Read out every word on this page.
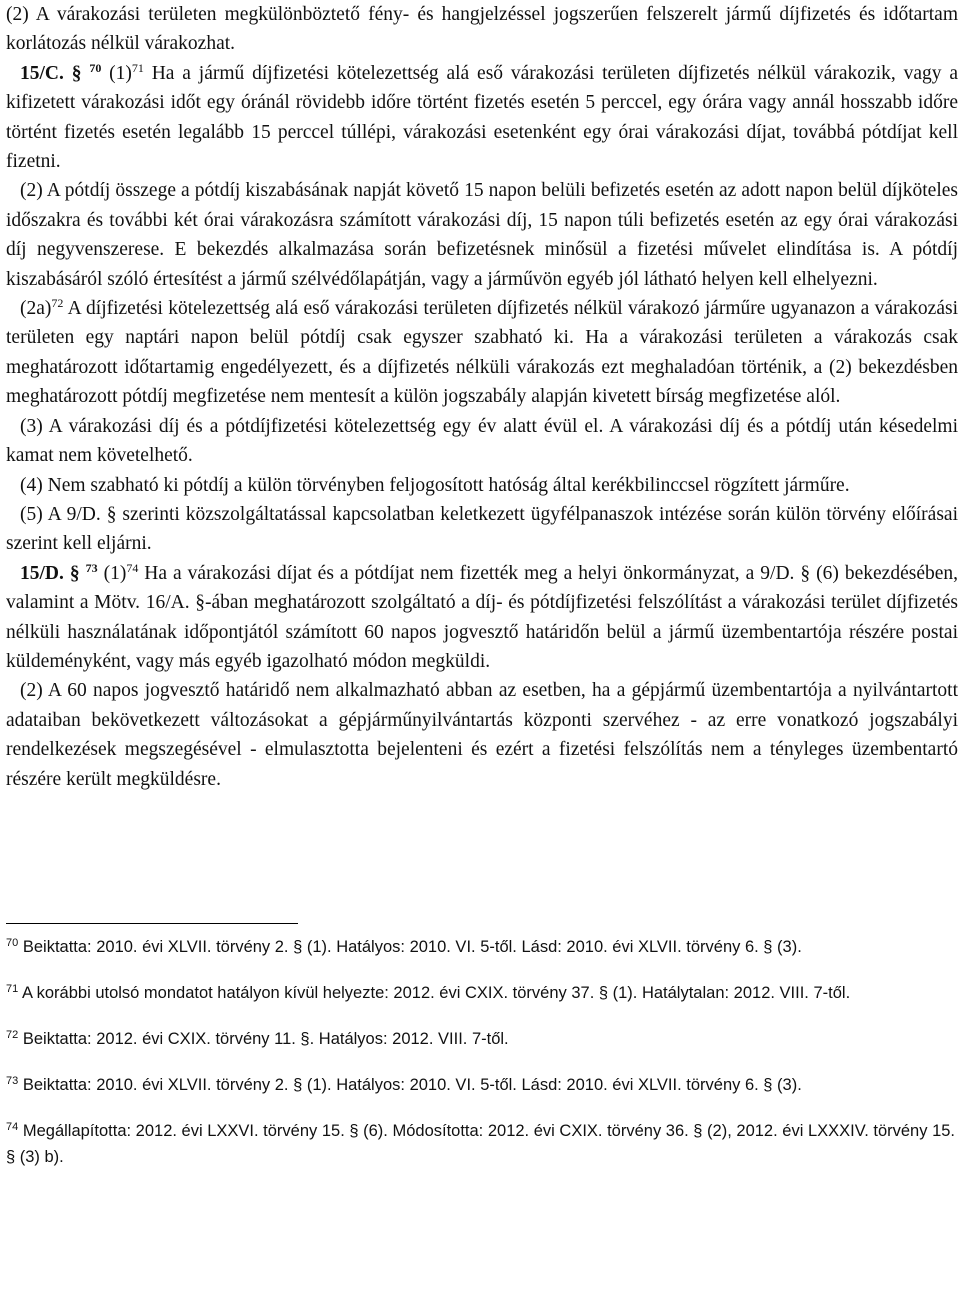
(2) A várakozási területen megkülönböztető fény- és hangjelzéssel jogszerűen felszerelt jármű díjfizetés és időtartam korlátozás nélkül várakozhat.

15/C. § $^{70}$ $(1)^{71}$ Ha a jármű díjfizetési kötelezettség alá eső várakozási területen díjfizetés nélkül várakozik, vagy a kifizetett várakozási időt egy óránál rövidebb időre történt fizetés esetén 5 perccel, egy órára vagy annál hosszabb időre történt fizetés esetén legalább 15 perccel túllépi, várakozási esetenként egy órai várakozási díjat, továbbá pótdíjat kell fizetni.

(2) A pótdíj összege a pótdíj kiszabásának napját követő 15 napon belüli befizetés esetén az adott napon belül díjköteles időszakra és további két órai várakozásra számított várakozási díj, 15 napon túli befizetés esetén az egy órai várakozási díj negyvenszerese. E bekezdés alkalmazása során befizetésnek minősül a fizetési művelet elindítása is. A pótdíj kiszabásáról szóló értesítést a jármű szélvédőlapátján, vagy a járművön egyéb jól látható helyen kell elhelyezni.

$(2a)^{72}$ A díjfizetési kötelezettség alá eső várakozási területen díjfizetés nélkül várakozó járműre ugyanazon a várakozási területen egy naptári napon belül pótdíj csak egyszer szabható ki. Ha a várakozási területen a várakozás csak meghatározott időtartamig engedélyezett, és a díjfizetés nélküli várakozás ezt meghaladóan történik, a (2) bekezdésben meghatározott pótdíj megfizetése nem mentesít a külön jogszabály alapján kivetett bírság megfizetése alól.

(3) A várakozási díj és a pótdíjfizetési kötelezettség egy év alatt évül el. A várakozási díj és a pótdíj után késedelmi kamat nem követelhető.

(4) Nem szabható ki pótdíj a külön törvényben feljogosított hatóság által kerékbilinccsel rögzített járműre.

(5) A 9/D. § szerinti közszolgáltatással kapcsolatban keletkezett ügyfélpanaszok intézése során külön törvény előírásai szerint kell eljárni.

15/D. § $^{73}$ $(1)^{74}$ Ha a várakozási díjat és a pótdíjat nem fizették meg a helyi önkormányzat, a 9/D. § (6) bekezdésében, valamint a Mötv. 16/A. §-ában meghatározott szolgáltató a díj- és pótdíjfizetési felszólítást a várakozási terület díjfizetés nélküli használatának időpontjától számított 60 napos jogvesztő határidőn belül a jármű üzembentartója részére postai küldeményként, vagy más egyéb igazolható módon megküldi.

(2) A 60 napos jogvesztő határidő nem alkalmazható abban az esetben, ha a gépjármű üzembentartója a nyilvántartott adataiban bekövetkezett változásokat a gépjárműnyilvántartás központi szervéhez - az erre vonatkozó jogszabályi rendelkezések megszegésével - elmulasztotta bejelenteni és ezért a fizetési felszólítás nem a tényleges üzembentartó részére került megküldésre.

$^{70}$ Beiktatta: 2010. évi XLVII. törvény 2. § (1). Hatályos: 2010. VI. 5-től. Lásd: 2010. évi XLVII. törvény 6. § (3).

$^{71}$ A korábbi utolsó mondatot hatályon kívül helyezte: 2012. évi CXIX. törvény 37. § (1). Hatálytalan: 2012. VIII. 7-től.

$^{72}$ Beiktatta: 2012. évi CXIX. törvény 11. §. Hatályos: 2012. VIII. 7-től.

$^{73}$ Beiktatta: 2010. évi XLVII. törvény 2. § (1). Hatályos: 2010. VI. 5-től. Lásd: 2010. évi XLVII. törvény 6. § (3).

$^{74}$ Megállapította: 2012. évi LXXVI. törvény 15. § (6). Módosította: 2012. évi CXIX. törvény 36. § (2), 2012. évi LXXXIV. törvény 15. § (3) b).
